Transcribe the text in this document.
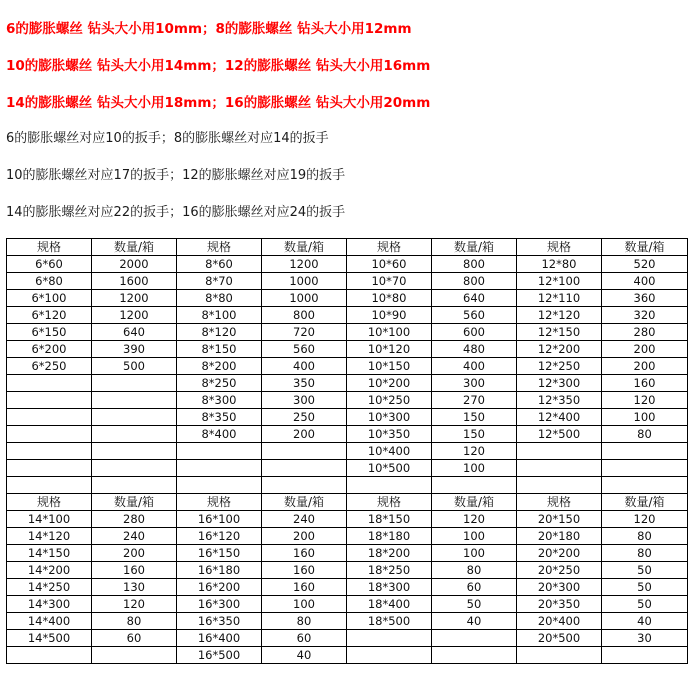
6的膨胀螺丝 钻头大小用10mm；8的膨胀螺丝 钻头大小用12mm
10的膨胀螺丝 钻头大小用14mm；12的膨胀螺丝 钻头大小用16mm
14的膨胀螺丝 钻头大小用18mm；16的膨胀螺丝 钻头大小用20mm
6的膨胀螺丝对应10的扳手；8的膨胀螺丝对应14的扳手
10的膨胀螺丝对应17的扳手；12的膨胀螺丝对应19的扳手
14的膨胀螺丝对应22的扳手；16的膨胀螺丝对应24的扳手
规格	数量/箱	规格	数量/箱	规格	数量/箱	规格	数量/箱
6*60	2000	8*60	1200	10*60	800	12*80	520
6*80	1600	8*70	1000	10*70	800	12*100	400
6*100	1200	8*80	1000	10*80	640	12*110	360
6*120	1200	8*100	800	10*90	560	12*120	320
6*150	640	8*120	720	10*100	600	12*150	280
6*200	390	8*150	560	10*120	480	12*200	200
6*250	500	8*200	400	10*150	400	12*250	200
		8*250	350	10*200	300	12*300	160
		8*300	300	10*250	270	12*350	120
		8*350	250	10*300	150	12*400	100
		8*400	200	10*350	150	12*500	80
				10*400	120		
				10*500	100		

规格	数量/箱	规格	数量/箱	规格	数量/箱	规格	数量/箱
14*100	280	16*100	240	18*150	120	20*150	120
14*120	240	16*120	200	18*180	100	20*180	80
14*150	200	16*150	160	18*200	100	20*200	80
14*200	160	16*180	160	18*250	80	20*250	50
14*250	130	16*200	160	18*300	60	20*300	50
14*300	120	16*300	100	18*400	50	20*350	50
14*400	80	16*350	80	18*500	40	20*400	40
14*500	60	16*400	60			20*500	30
		16*500	40				
